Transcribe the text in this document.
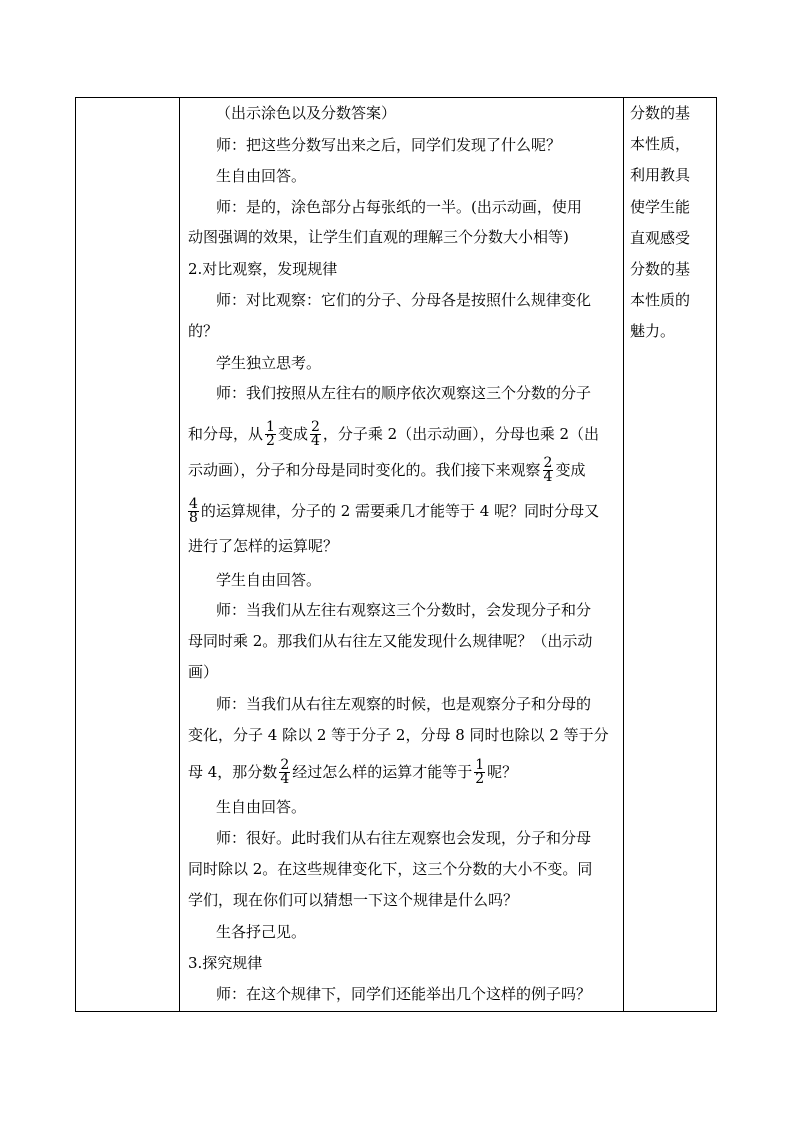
（出示涂色以及分数答案）
师：把这些分数写出来之后，同学们发现了什么呢？
生自由回答。
师：是的，涂色部分占每张纸的一半。(出示动画，使用
动图强调的效果，让学生们直观的理解三个分数大小相等)
2.对比观察，发现规律
师：对比观察：它们的分子、分母各是按照什么规律变化
的？
学生独立思考。
师：我们按照从左往右的顺序依次观察这三个分数的分子
和分母，从 $\frac{1}{2}$ 变成 $\frac{2}{4}$ ，分子乘 2（出示动画），分母也乘 2（出
示动画），分子和分母是同时变化的。我们接下来观察 $\frac{2}{4}$ 变成
$\frac{4}{8}$ 的运算规律，分子的 2 需要乘几才能等于 4 呢？同时分母又
进行了怎样的运算呢？
学生自由回答。
师：当我们从左往右观察这三个分数时，会发现分子和分
母同时乘 2。那我们从右往左又能发现什么规律呢？（出示动
画）
师：当我们从右往左观察的时候，也是观察分子和分母的
变化，分子 4 除以 2 等于分子 2，分母 8 同时也除以 2 等于分
母 4，那分数 $\frac{2}{4}$ 经过怎么样的运算才能等于 $\frac{1}{2}$ 呢？
生自由回答。
师：很好。此时我们从右往左观察也会发现，分子和分母
同时除以 2。在这些规律变化下，这三个分数的大小不变。同
学们，现在你们可以猜想一下这个规律是什么吗？
生各抒己见。
3.探究规律
师：在这个规律下，同学们还能举出几个这样的例子吗？
分数的基
本性质，
利用教具
使学生能
直观感受
分数的基
本性质的
魅力。
